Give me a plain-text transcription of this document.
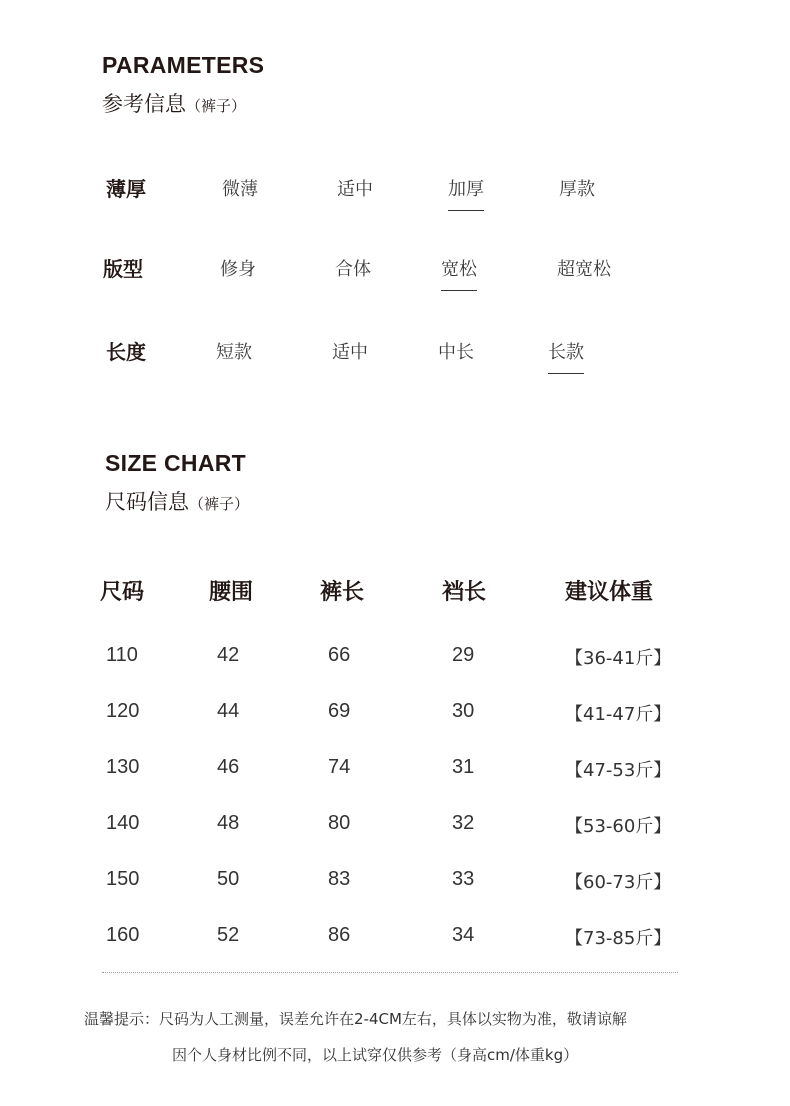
PARAMETERS
参考信息（裤子）
薄厚	微薄	适中	加厚	厚款
版型	修身	合体	宽松	超宽松
长度	短款	适中	中长	长款
SIZE CHART
尺码信息（裤子）
尺码	腰围	裤长	裆长	建议体重
110	42	66	29	【36-41斤】
120	44	69	30	【41-47斤】
130	46	74	31	【47-53斤】
140	48	80	32	【53-60斤】
150	50	83	33	【60-73斤】
160	52	86	34	【73-85斤】
温馨提示：尺码为人工测量，误差允许在2-4CM左右，具体以实物为准，敬请谅解
因个人身材比例不同，以上试穿仅供参考（身高cm/体重kg）
